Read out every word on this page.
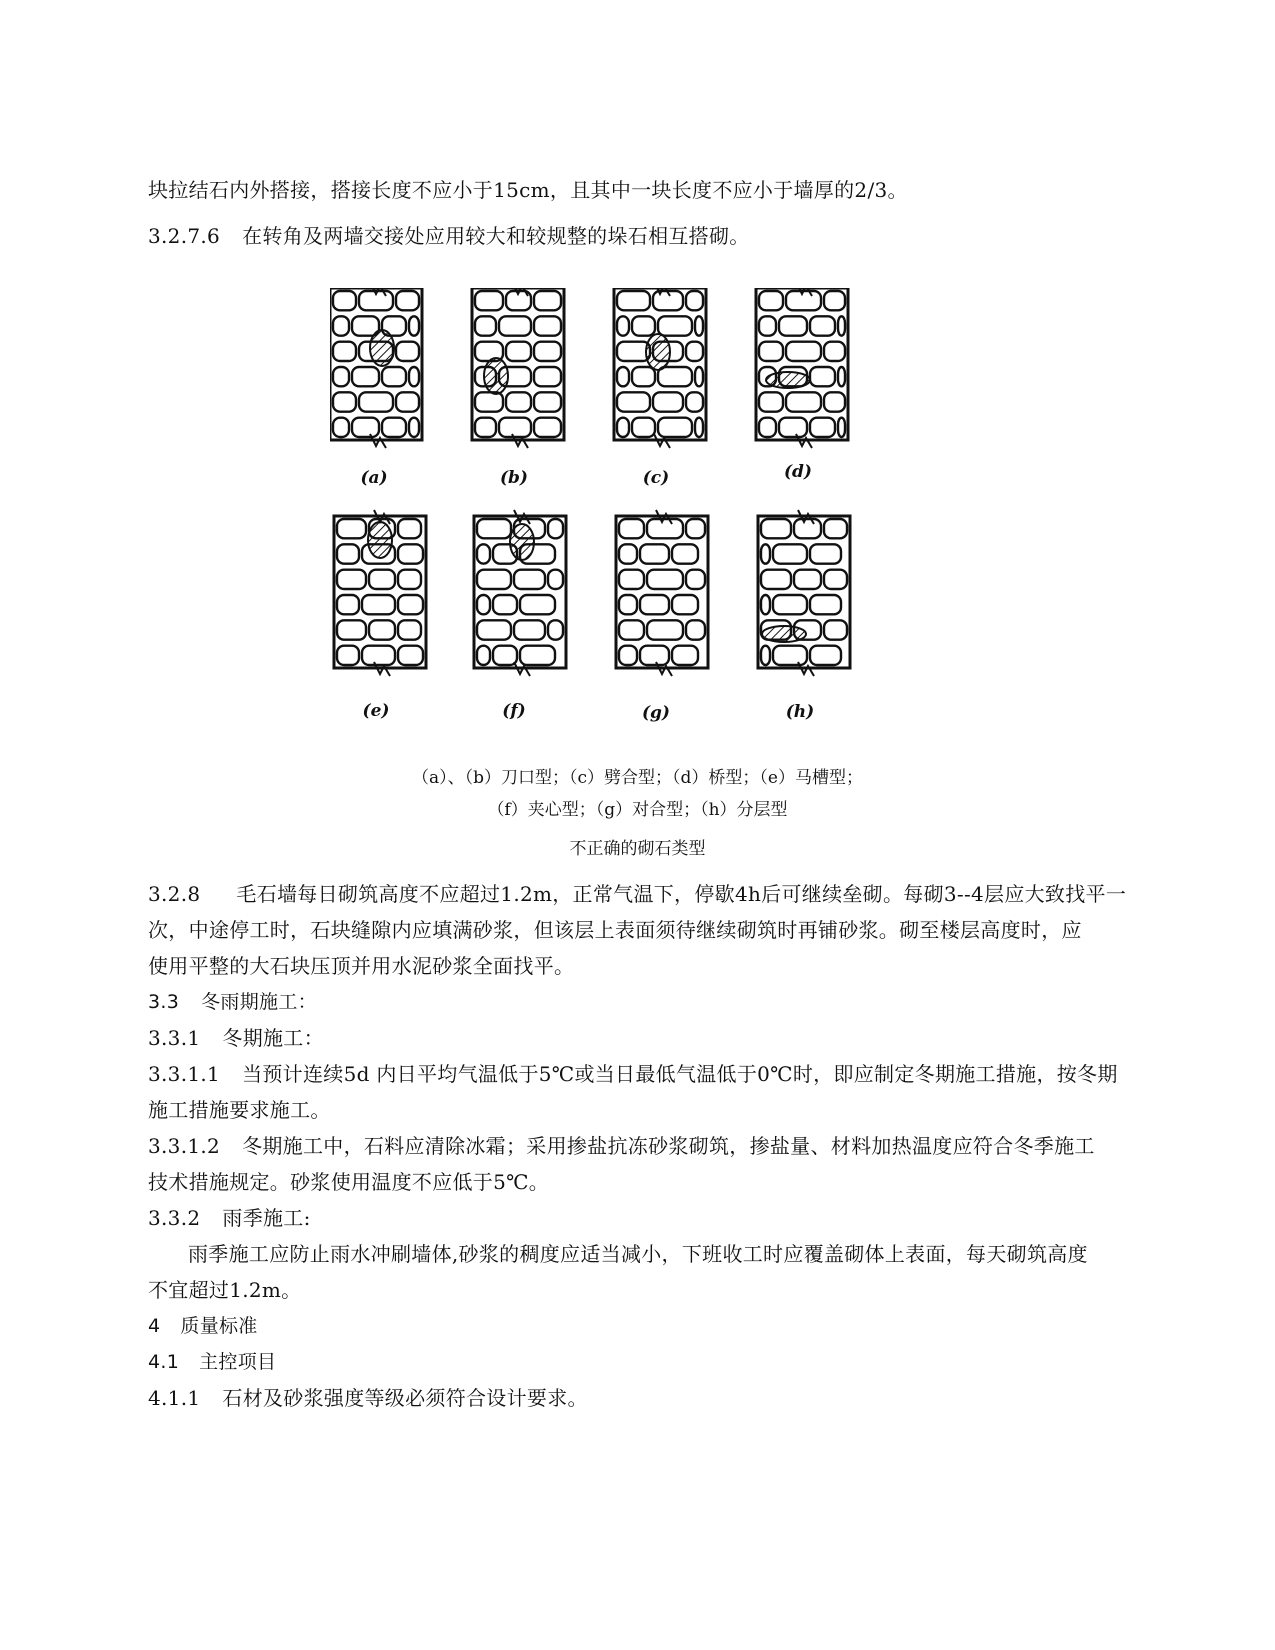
块拉结石内外搭接，搭接长度不应小于15cm，且其中一块长度不应小于墙厚的2/3。
3.2.7.6 在转角及两墙交接处应用较大和较规整的垛石相互搭砌。
(a)	(b)	(c)	(d)
(e)	(f)	(g)	(h)
（a）、（b）刀口型；（c）劈合型；（d）桥型；（e）马槽型；
（f）夹心型；（g）对合型；（h）分层型
不正确的砌石类型
3.2.8 毛石墙每日砌筑高度不应超过1.2m，正常气温下，停歇4h后可继续垒砌。每砌3--4层应大致找平一
次，中途停工时，石块缝隙内应填满砂浆，但该层上表面须待继续砌筑时再铺砂浆。砌至楼层高度时，应
使用平整的大石块压顶并用水泥砂浆全面找平。
3.3 冬雨期施工：
3.3.1 冬期施工：
3.3.1.1 当预计连续5d 内日平均气温低于5℃或当日最低气温低于0℃时，即应制定冬期施工措施，按冬期
施工措施要求施工。
3.3.1.2 冬期施工中，石料应清除冰霜；采用掺盐抗冻砂浆砌筑，掺盐量、材料加热温度应符合冬季施工
技术措施规定。砂浆使用温度不应低于5℃。
3.3.2 雨季施工:
雨季施工应防止雨水冲刷墙体,砂浆的稠度应适当减小，下班收工时应覆盖砌体上表面，每天砌筑高度
不宜超过1.2m。
4 质量标准
4.1 主控项目
4.1.1 石材及砂浆强度等级必须符合设计要求。
